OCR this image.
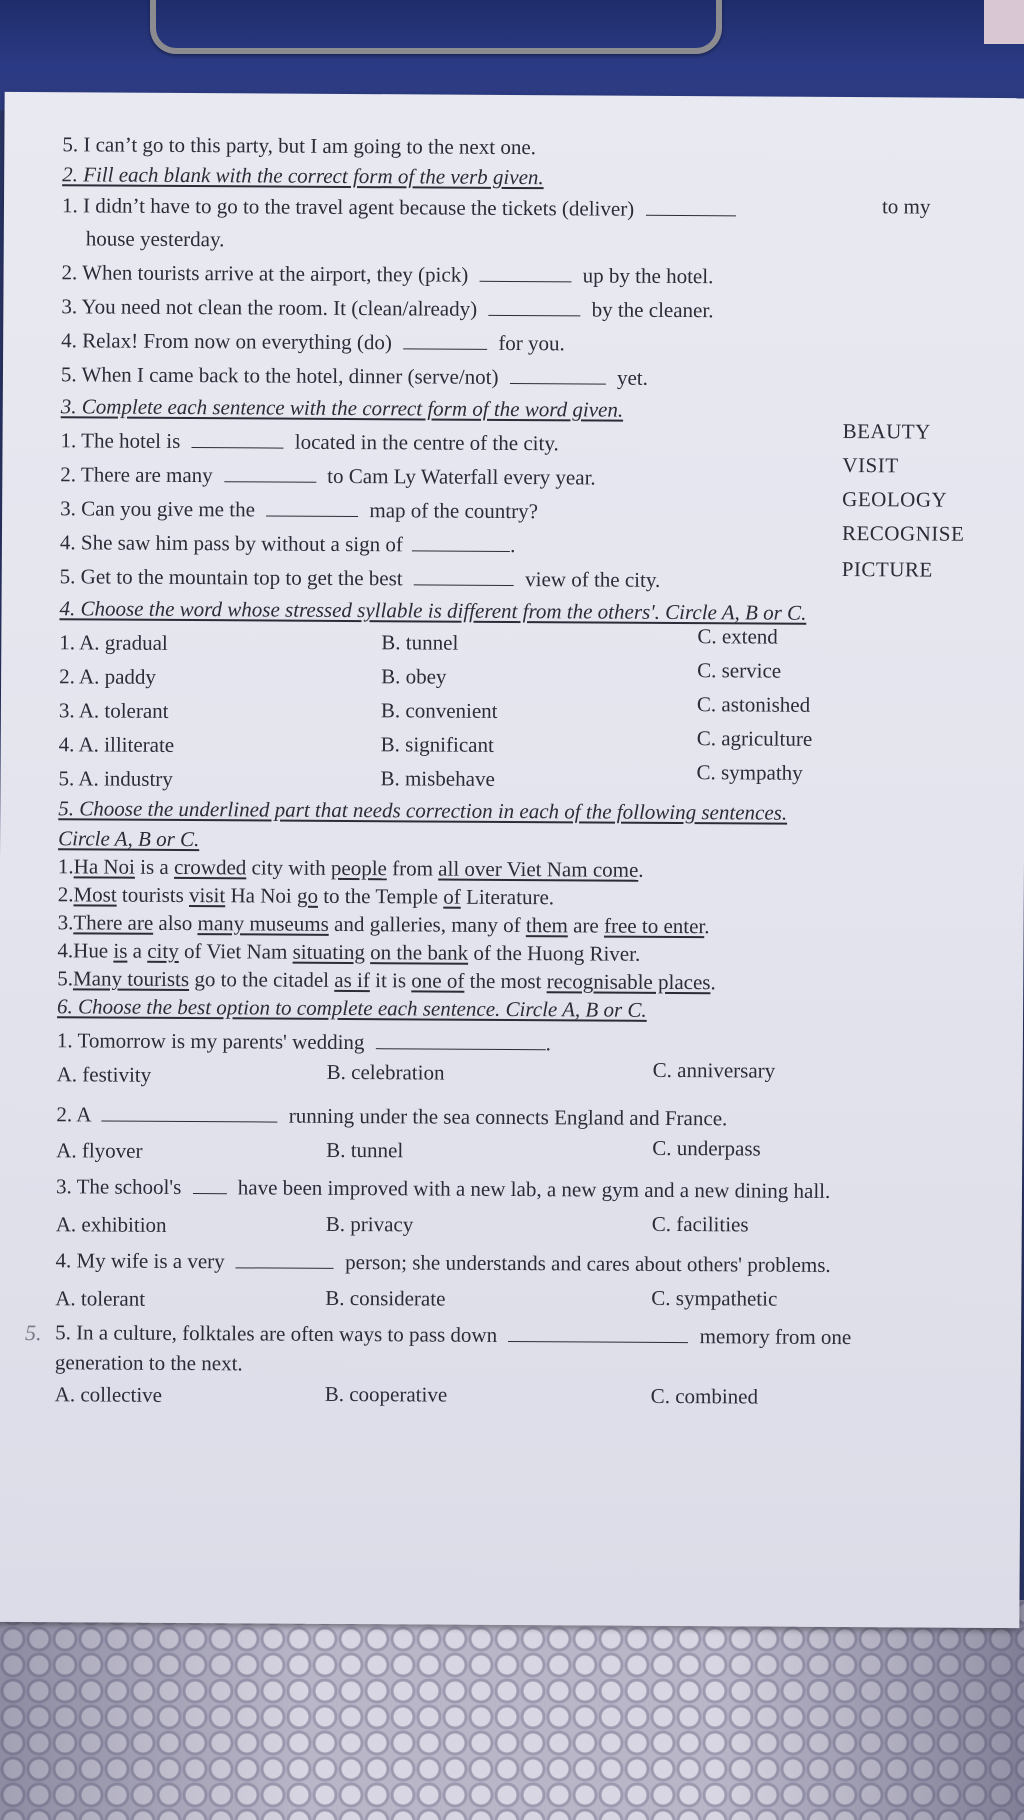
5. I can’t go to this party, but I am going to the next one.
2. Fill each blank with the correct form of the verb given.
1. I didn’t have to go to the travel agent because the tickets (deliver)	to my
house yesterday.
2. When tourists arrive at the airport, they (pick)	up by the hotel.
3. You need not clean the room. It (clean/already)	by the cleaner.
4. Relax! From now on everything (do)	for you.
5. When I came back to the hotel, dinner (serve/not)	yet.
3. Complete each sentence with the correct form of the word given.
1. The hotel is	located in the centre of the city.	BEAUTY
2. There are many	to Cam Ly Waterfall every year.	VISIT
3. Can you give me the	map of the country?	GEOLOGY
4. She saw him pass by without a sign of	.	RECOGNISE
5. Get to the mountain top to get the best	view of the city.	PICTURE
4. Choose the word whose stressed syllable is different from the others'. Circle A, B or C.
1. A. gradual	B. tunnel	C. extend
2. A. paddy	B. obey	C. service
3. A. tolerant	B. convenient	C. astonished
4. A. illiterate	B. significant	C. agriculture
5. A. industry	B. misbehave	C. sympathy
5. Choose the underlined part that needs correction in each of the following sentences.
Circle A, B or C.
1.Ha Noi is a crowded city with people from all over Viet Nam come.
2.Most tourists visit Ha Noi go to the Temple of Literature.
3.There are also many museums and galleries, many of them are free to enter.
4.Hue is a city of Viet Nam situating on the bank of the Huong River.
5.Many tourists go to the citadel as if it is one of the most recognisable places.
6. Choose the best option to complete each sentence. Circle A, B or C.
1. Tomorrow is my parents' wedding	.
A. festivity	B. celebration	C. anniversary
2. A	running under the sea connects England and France.
A. flyover	B. tunnel	C. underpass
3. The school's	have been improved with a new lab, a new gym and a new dining hall.
A. exhibition	B. privacy	C. facilities
4. My wife is a very	person; she understands and cares about others' problems.
A. tolerant	B. considerate	C. sympathetic
5. 5. In a culture, folktales are often ways to pass down	memory from one
generation to the next.
A. collective	B. cooperative	C. combined
